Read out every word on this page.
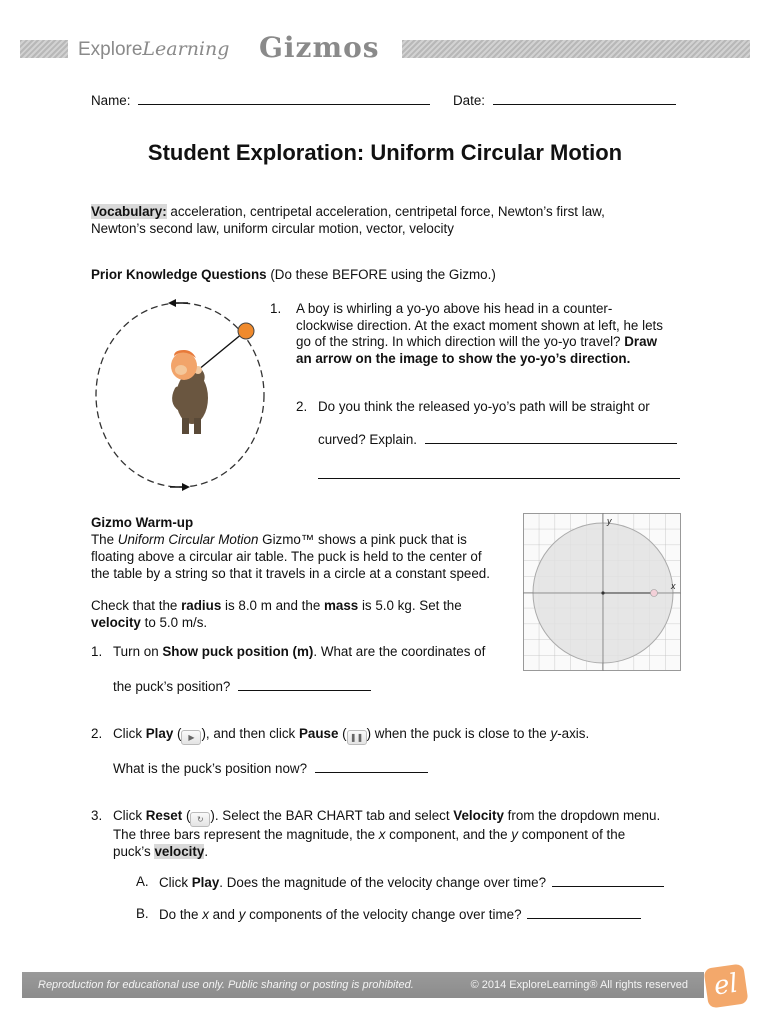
ExploreLearning Gizmos
Name:	Date:
Student Exploration: Uniform Circular Motion
Vocabulary: acceleration, centripetal acceleration, centripetal force, Newton’s first law,
Newton’s second law, uniform circular motion, vector, velocity
Prior Knowledge Questions (Do these BEFORE using the Gizmo.)
1. A boy is whirling a yo-yo above his head in a counter-
clockwise direction. At the exact moment shown at left, he lets
go of the string. In which direction will the yo-yo travel? Draw
an arrow on the image to show the yo-yo’s direction.
2. Do you think the released yo-yo’s path will be straight or
curved? Explain.
Gizmo Warm-up
The Uniform Circular Motion Gizmo™ shows a pink puck that is
floating above a circular air table. The puck is held to the center of
the table by a string so that it travels in a circle at a constant speed.
Check that the radius is 8.0 m and the mass is 5.0 kg. Set the
velocity to 5.0 m/s.
y
x
1. Turn on Show puck position (m). What are the coordinates of
the puck’s position?
2. Click Play ( ▶ ), and then click Pause ( ❚❚ ) when the puck is close to the y-axis.
What is the puck’s position now?
3. Click Reset ( ↻ ). Select the BAR CHART tab and select Velocity from the dropdown menu.
The three bars represent the magnitude, the x component, and the y component of the
puck’s velocity.
A. Click Play. Does the magnitude of the velocity change over time?
B. Do the x and y components of the velocity change over time?
Reproduction for educational use only. Public sharing or posting is prohibited.	© 2014 ExploreLearning® All rights reserved el
